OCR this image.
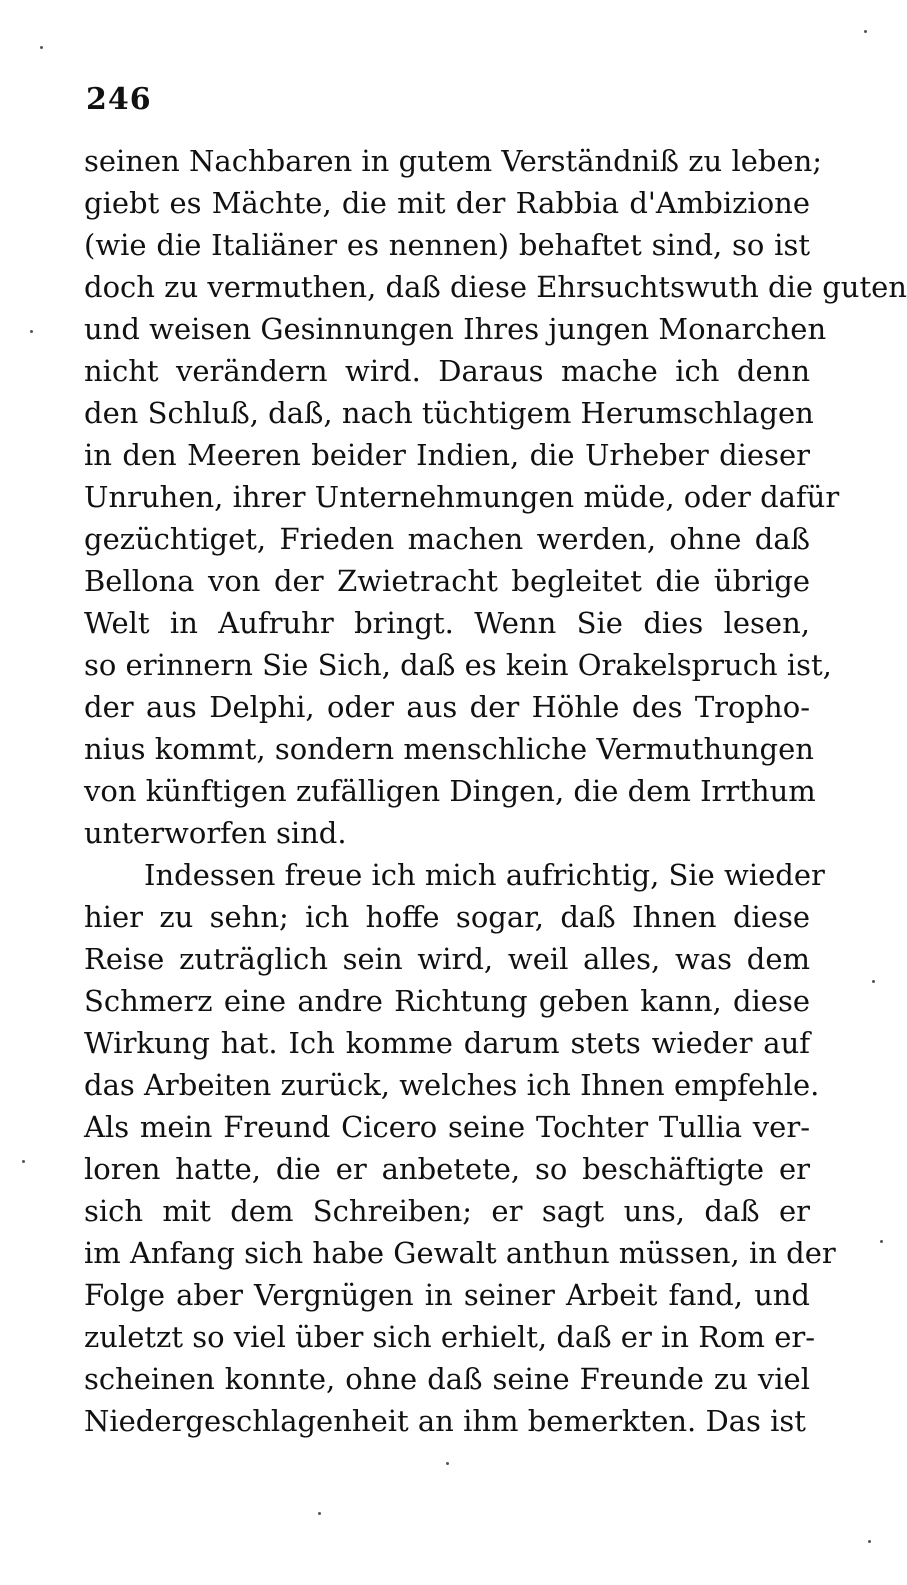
246
seinen Nachbaren in gutem Verständniß zu leben;
giebt es Mächte, die mit der Rabbia d'Ambizione
(wie die Italiäner es nennen) behaftet sind, so ist
doch zu vermuthen, daß diese Ehrsuchtswuth die guten
und weisen Gesinnungen Ihres jungen Monarchen
nicht verändern wird. Daraus mache ich denn
den Schluß, daß, nach tüchtigem Herumschlagen
in den Meeren beider Indien, die Urheber dieser
Unruhen, ihrer Unternehmungen müde, oder dafür
gezüchtiget, Frieden machen werden, ohne daß
Bellona von der Zwietracht begleitet die übrige
Welt in Aufruhr bringt. Wenn Sie dies lesen,
so erinnern Sie Sich, daß es kein Orakelspruch ist,
der aus Delphi, oder aus der Höhle des Tropho-
nius kommt, sondern menschliche Vermuthungen
von künftigen zufälligen Dingen, die dem Irrthum
unterworfen sind.
Indessen freue ich mich aufrichtig, Sie wieder
hier zu sehn; ich hoffe sogar, daß Ihnen diese
Reise zuträglich sein wird, weil alles, was dem
Schmerz eine andre Richtung geben kann, diese
Wirkung hat. Ich komme darum stets wieder auf
das Arbeiten zurück, welches ich Ihnen empfehle.
Als mein Freund Cicero seine Tochter Tullia ver-
loren hatte, die er anbetete, so beschäftigte er
sich mit dem Schreiben; er sagt uns, daß er
im Anfang sich habe Gewalt anthun müssen, in der
Folge aber Vergnügen in seiner Arbeit fand, und
zuletzt so viel über sich erhielt, daß er in Rom er-
scheinen konnte, ohne daß seine Freunde zu viel
Niedergeschlagenheit an ihm bemerkten. Das ist
